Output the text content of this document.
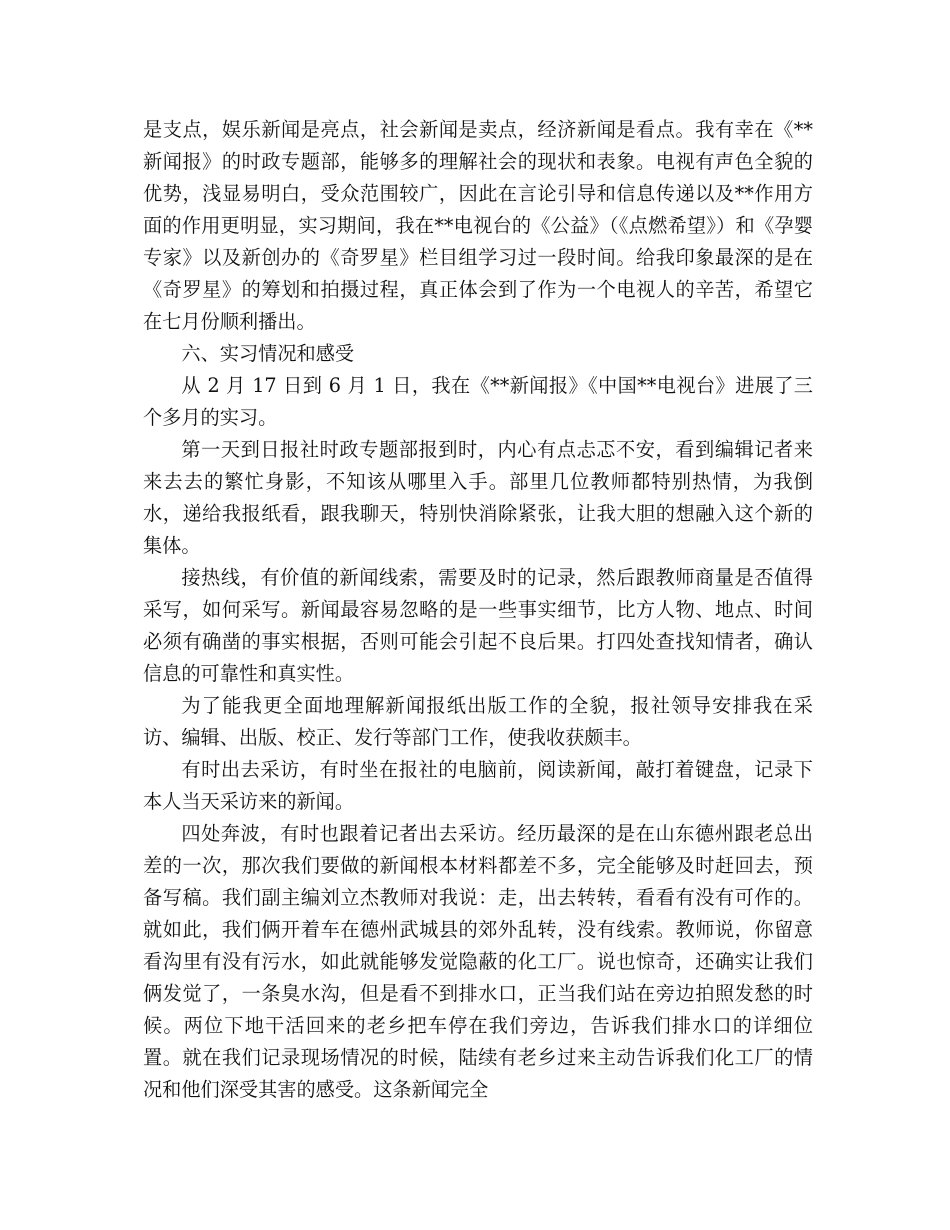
是支点，娱乐新闻是亮点，社会新闻是卖点，经济新闻是看点。我有幸在《**新闻报》的时政专题部，能够多的理解社会的现状和表象。电视有声色全貌的优势，浅显易明白，受众范围较广，因此在言论引导和信息传递以及**作用方面的作用更明显，实习期间，我在**电视台的《公益》（《点燃希望》）和《孕婴专家》以及新创办的《奇罗星》栏目组学习过一段时间。给我印象最深的是在《奇罗星》的筹划和拍摄过程，真正体会到了作为一个电视人的辛苦，希望它在七月份顺利播出。

六、实习情况和感受

从 2 月 17 日到 6 月 1 日，我在《**新闻报》《中国**电视台》进展了三个多月的实习。

第一天到日报社时政专题部报到时，内心有点忐忑不安，看到编辑记者来来去去的繁忙身影，不知该从哪里入手。部里几位教师都特别热情，为我倒水，递给我报纸看，跟我聊天，特别快消除紧张，让我大胆的想融入这个新的集体。

接热线，有价值的新闻线索，需要及时的记录，然后跟教师商量是否值得采写，如何采写。新闻最容易忽略的是一些事实细节，比方人物、地点、时间必须有确凿的事实根据，否则可能会引起不良后果。打四处查找知情者，确认信息的可靠性和真实性。

为了能我更全面地理解新闻报纸出版工作的全貌，报社领导安排我在采访、编辑、出版、校正、发行等部门工作，使我收获颇丰。

有时出去采访，有时坐在报社的电脑前，阅读新闻，敲打着键盘，记录下本人当天采访来的新闻。

四处奔波，有时也跟着记者出去采访。经历最深的是在山东德州跟老总出差的一次，那次我们要做的新闻根本材料都差不多，完全能够及时赶回去，预备写稿。我们副主编刘立杰教师对我说：走，出去转转，看看有没有可作的。就如此，我们俩开着车在德州武城县的郊外乱转，没有线索。教师说，你留意看沟里有没有污水，如此就能够发觉隐蔽的化工厂。说也惊奇，还确实让我们俩发觉了，一条臭水沟，但是看不到排水口，正当我们站在旁边拍照发愁的时候。两位下地干活回来的老乡把车停在我们旁边，告诉我们排水口的详细位置。就在我们记录现场情况的时候，陆续有老乡过来主动告诉我们化工厂的情况和他们深受其害的感受。这条新闻完全
